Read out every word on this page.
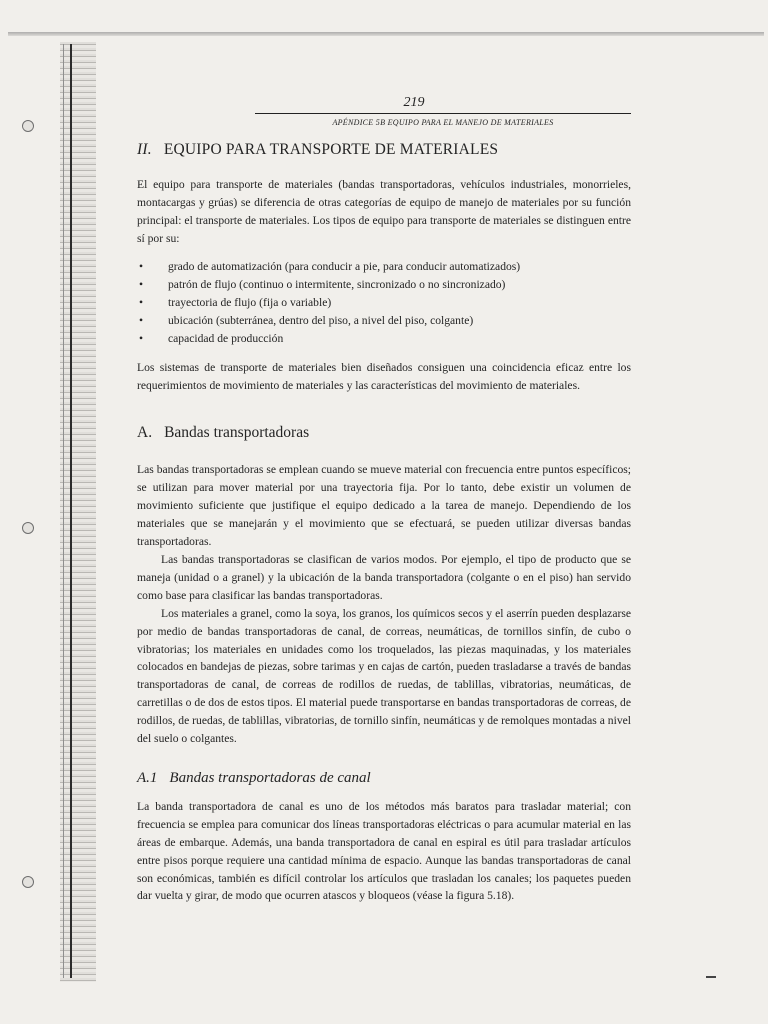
219
APÉNDICE 5B EQUIPO PARA EL MANEJO DE MATERIALES
II. EQUIPO PARA TRANSPORTE DE MATERIALES

El equipo para transporte de materiales (bandas transportadoras, vehículos industriales, monorrieles, montacargas y grúas) se diferencia de otras categorías de equipo de manejo de materiales por su función principal: el transporte de materiales. Los tipos de equipo para transporte de materiales se distinguen entre sí por su:

• grado de automatización (para conducir a pie, para conducir automatizados)
• patrón de flujo (continuo o intermitente, sincronizado o no sincronizado)
• trayectoria de flujo (fija o variable)
• ubicación (subterránea, dentro del piso, a nivel del piso, colgante)
• capacidad de producción

Los sistemas de transporte de materiales bien diseñados consiguen una coincidencia eficaz entre los requerimientos de movimiento de materiales y las características del movimiento de materiales.

A. Bandas transportadoras

Las bandas transportadoras se emplean cuando se mueve material con frecuencia entre puntos específicos; se utilizan para mover material por una trayectoria fija. Por lo tanto, debe existir un volumen de movimiento suficiente que justifique el equipo dedicado a la tarea de manejo. Dependiendo de los materiales que se manejarán y el movimiento que se efectuará, se pueden utilizar diversas bandas transportadoras.

Las bandas transportadoras se clasifican de varios modos. Por ejemplo, el tipo de producto que se maneja (unidad o a granel) y la ubicación de la banda transportadora (colgante o en el piso) han servido como base para clasificar las bandas transportadoras.

Los materiales a granel, como la soya, los granos, los químicos secos y el aserrín pueden desplazarse por medio de bandas transportadoras de canal, de correas, neumáticas, de tornillos sinfín, de cubo o vibratorias; los materiales en unidades como los troquelados, las piezas maquinadas, y los materiales colocados en bandejas de piezas, sobre tarimas y en cajas de cartón, pueden trasladarse a través de bandas transportadoras de canal, de correas de rodillos de ruedas, de tablillas, vibratorias, neumáticas, de carretillas o de dos de estos tipos. El material puede transportarse en bandas transportadoras de correas, de rodillos, de ruedas, de tablillas, vibratorias, de tornillo sinfín, neumáticas y de remolques montadas a nivel del suelo o colgantes.

A.1 Bandas transportadoras de canal

La banda transportadora de canal es uno de los métodos más baratos para trasladar material; con frecuencia se emplea para comunicar dos líneas transportadoras eléctricas o para acumular material en las áreas de embarque. Además, una banda transportadora de canal en espiral es útil para trasladar artículos entre pisos porque requiere una cantidad mínima de espacio. Aunque las bandas transportadoras de canal son económicas, también es difícil controlar los artículos que trasladan los canales; los paquetes pueden dar vuelta y girar, de modo que ocurren atascos y bloqueos (véase la figura 5.18).
